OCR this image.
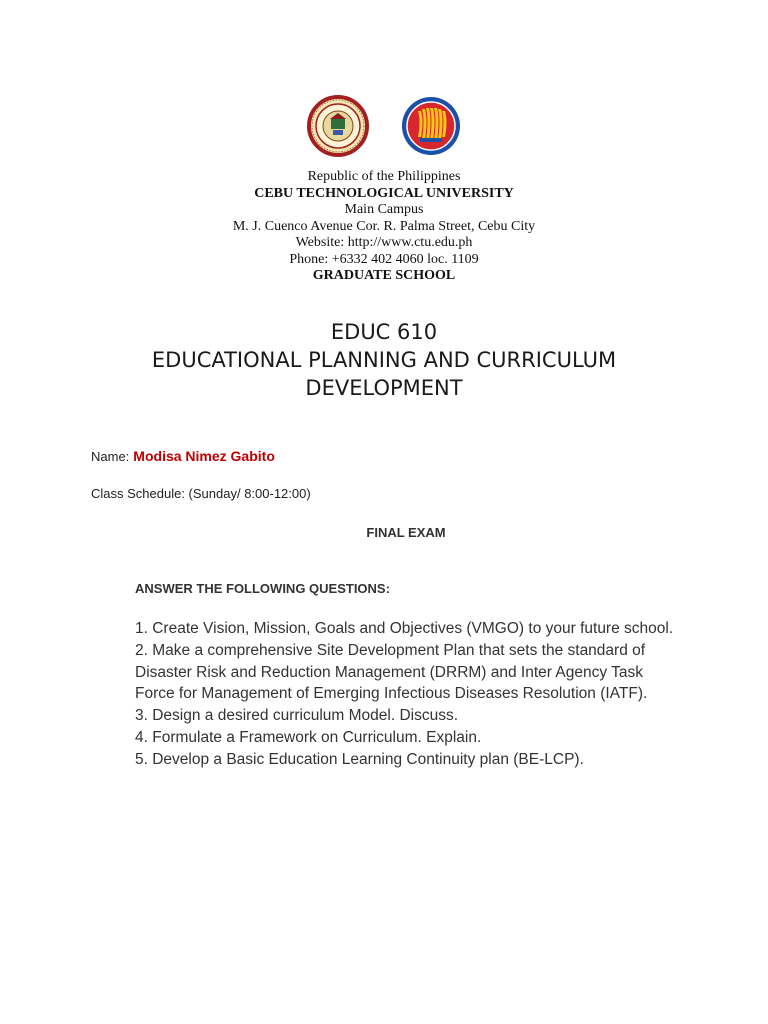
Republic of the Philippines
CEBU TECHNOLOGICAL UNIVERSITY
Main Campus
M. J. Cuenco Avenue Cor. R. Palma Street, Cebu City
Website: http://www.ctu.edu.ph
Phone: +6332 402 4060 loc. 1109
GRADUATE SCHOOL
EDUC 610
EDUCATIONAL PLANNING AND CURRICULUM
DEVELOPMENT
Name: Modisa Nimez Gabito
Class Schedule: (Sunday/ 8:00-12:00)
FINAL EXAM
ANSWER THE FOLLOWING QUESTIONS:
1. Create Vision, Mission, Goals and Objectives (VMGO) to your future school.
2. Make a comprehensive Site Development Plan that sets the standard of Disaster Risk and Reduction Management (DRRM) and Inter Agency Task Force for Management of Emerging Infectious Diseases Resolution (IATF).
3. Design a desired curriculum Model. Discuss.
4. Formulate a Framework on Curriculum. Explain.
5. Develop a Basic Education Learning Continuity plan (BE-LCP).
